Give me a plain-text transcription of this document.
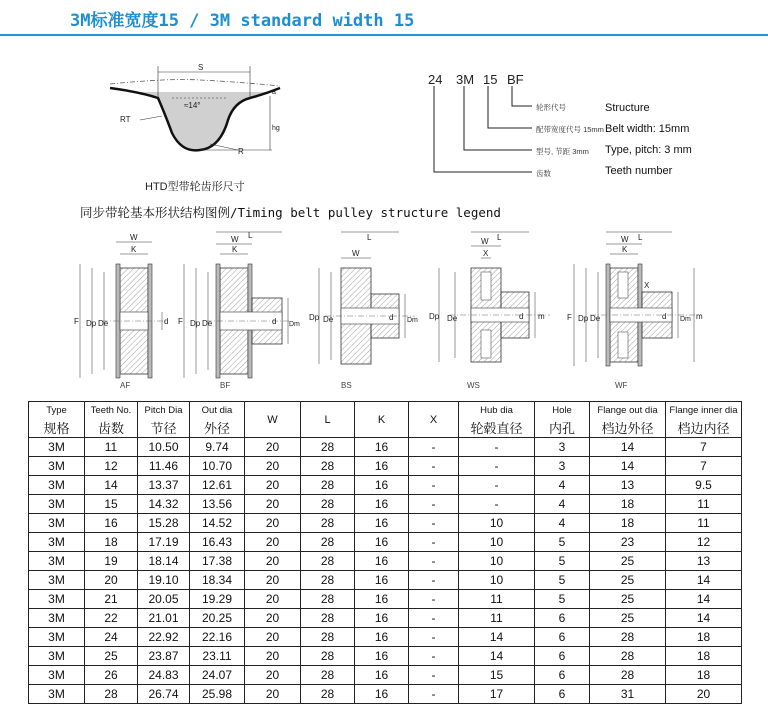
3M标准宽度15 / 3M standard width 15
S
≈14°
RT
R
hg
a
HTD型带轮齿形尺寸
24 3M 15 BF
轮形代号
配带宽度代号 15mm
型号, 节距 3mm
齿数
Structure
Belt width: 15mm
Type, pitch: 3 mm
Teeth number
同步带轮基本形状结构图例/Timing belt pulley structure legend
W
K
F Dp De	d
AF
L
W
K
F Dp De	d Dm
BF
L
W
Dp De	d Dm
BS
L
W
X
Dp De	d m
WS
L
W
K
X
F Dp De	d Dm m
WF
Type	Teeth No.	Pitch Dia	Out dia	W	L	K	X	Hub dia	Hole	Flange out dia	Flange inner dia
规格	齿数	节径	外径					轮毂直径	内孔	档边外径	档边内径
3M	11	10.50	9.74	20	28	16	-	-	3	14	7
3M	12	11.46	10.70	20	28	16	-	-	3	14	7
3M	14	13.37	12.61	20	28	16	-	-	4	13	9.5
3M	15	14.32	13.56	20	28	16	-	-	4	18	11
3M	16	15.28	14.52	20	28	16	-	10	4	18	11
3M	18	17.19	16.43	20	28	16	-	10	5	23	12
3M	19	18.14	17.38	20	28	16	-	10	5	25	13
3M	20	19.10	18.34	20	28	16	-	10	5	25	14
3M	21	20.05	19.29	20	28	16	-	11	5	25	14
3M	22	21.01	20.25	20	28	16	-	11	6	25	14
3M	24	22.92	22.16	20	28	16	-	14	6	28	18
3M	25	23.87	23.11	20	28	16	-	14	6	28	18
3M	26	24.83	24.07	20	28	16	-	15	6	28	18
3M	28	26.74	25.98	20	28	16	-	17	6	31	20
